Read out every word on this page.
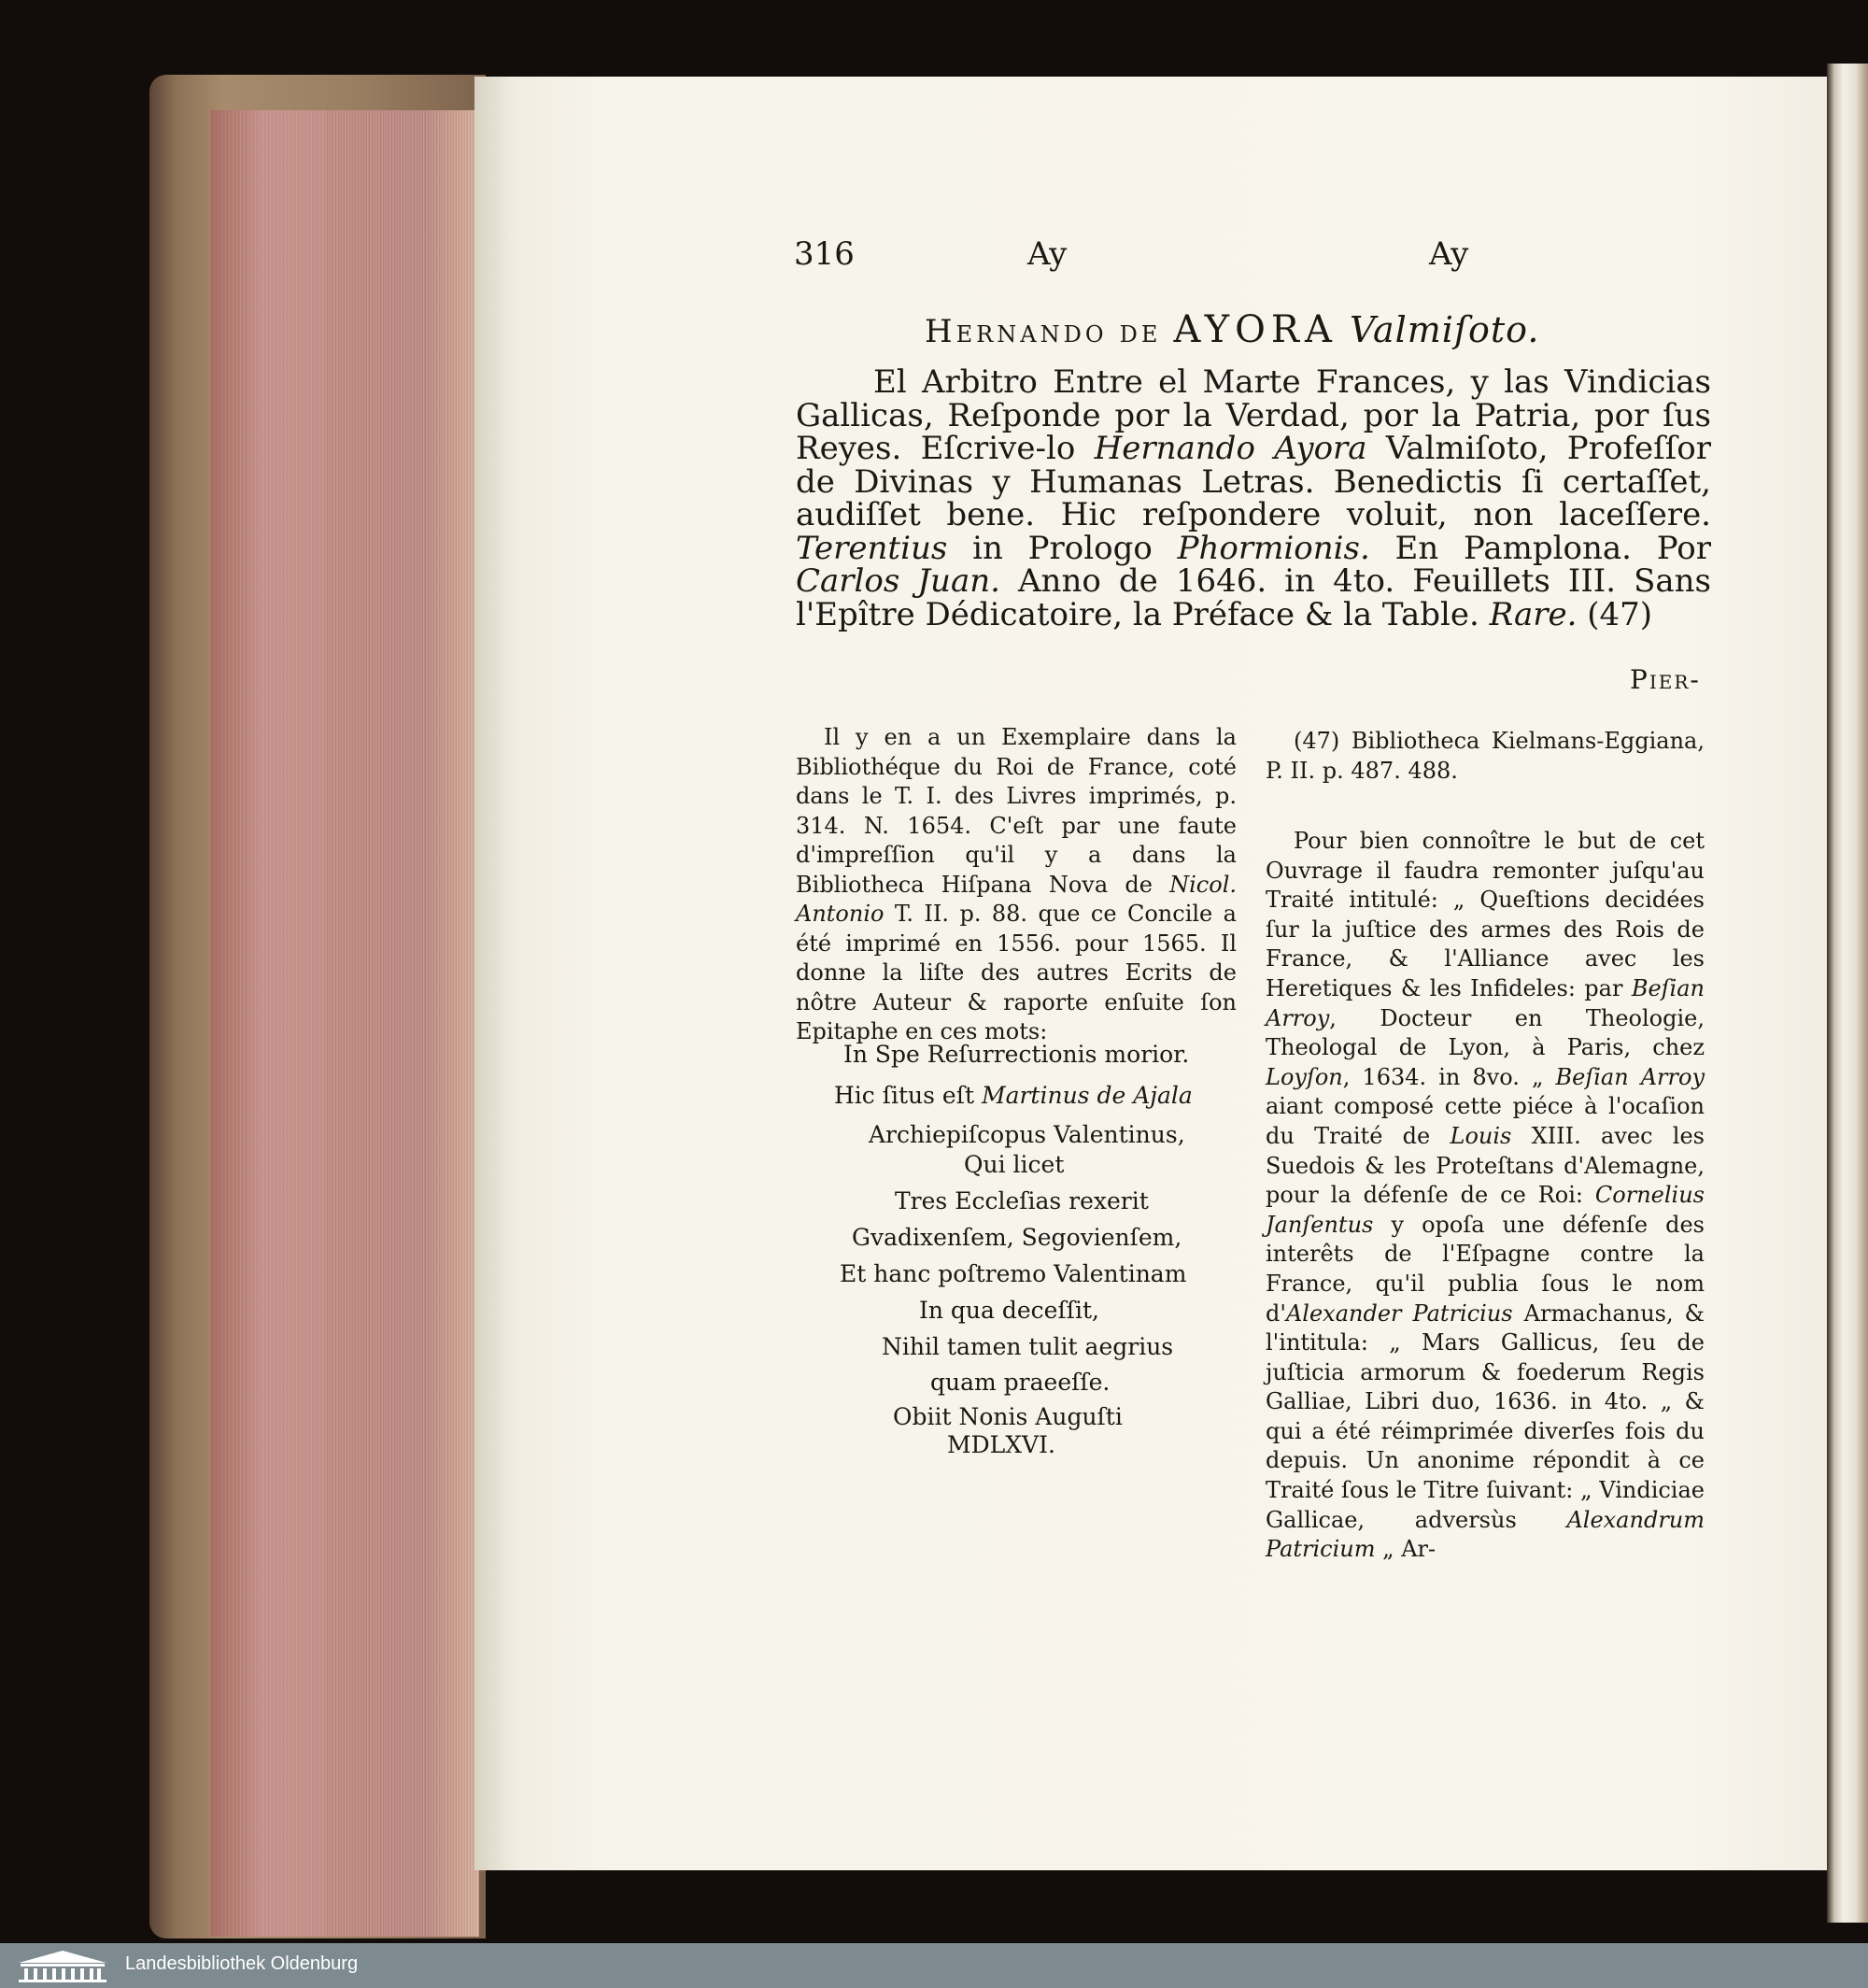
316	Ay	Ay
Hernando de AYORA Valmiſoto.
El Arbitro Entre el Marte Frances, y las Vindicias Gallicas, Reſponde por la Verdad, por la Patria, por ſus Reyes. Eſcrive-lo Hernando Ayora Valmiſoto, Profeſſor de Divinas y Humanas Letras. Benedictis ſi certaſſet, audiſſet bene. Hic reſpondere voluit, non laceſſere. Terentius in Prologo Phormionis. En Pamplona. Por Carlos Juan. Anno de 1646. in 4to. Feuillets III. Sans l'Epître Dédicatoire, la Préface & la Table. Rare. (47)
Pier-
Il y en a un Exemplaire dans la Bibliothéque du Roi de France, coté dans le T. I. des Livres imprimés, p. 314. N. 1654. C'eſt par une faute d'impreſſion qu'il y a dans la Bibliotheca Hiſpana Nova de Nicol. Antonio T. II. p. 88. que ce Concile a été imprimé en 1556. pour 1565. Il donne la liſte des autres Ecrits de nôtre Auteur & raporte enſuite ſon Epitaphe en ces mots:
In Spe Reſurrectionis morior.
Hic ſitus eſt Martinus de Ajala
Archiepiſcopus Valentinus,
Qui licet
Tres Eccleſias rexerit
Gvadixenſem, Segovienſem,
Et hanc poſtremo Valentinam
In qua deceſſit,
Nihil tamen tulit aegrius
quam praeeſſe.
Obiit Nonis Auguſti
MDLXVI.
(47) Bibliotheca Kielmans-Eggiana, P. II. p. 487. 488.
Pour bien connoître le but de cet Ouvrage il faudra remonter juſqu'au Traité intitulé: „ Queſtions decidées ſur la juſtice des armes des Rois de France, & l'Alliance avec les Heretiques & les Infideles: par Beſian Arroy, Docteur en Theologie, Theologal de Lyon, à Paris, chez Loyſon, 1634. in 8vo. „ Beſian Arroy aiant composé cette piéce à l'ocaſion du Traité de Louis XIII. avec les Suedois & les Proteſtans d'Alemagne, pour la défenſe de ce Roi: Cornelius Janſentus y opoſa une défenſe des interêts de l'Eſpagne contre la France, qu'il publia ſous le nom d'Alexander Patricius Armachanus, & l'intitula: „ Mars Gallicus, ſeu de juſticia armorum & foederum Regis Galliae, Libri duo, 1636. in 4to. „ & qui a été réimprimée diverſes fois du depuis. Un anonime répondit à ce Traité ſous le Titre ſuivant: „ Vindiciae Gallicae, adversùs Alexandrum Patricium „ Ar-
Landesbibliothek Oldenburg
